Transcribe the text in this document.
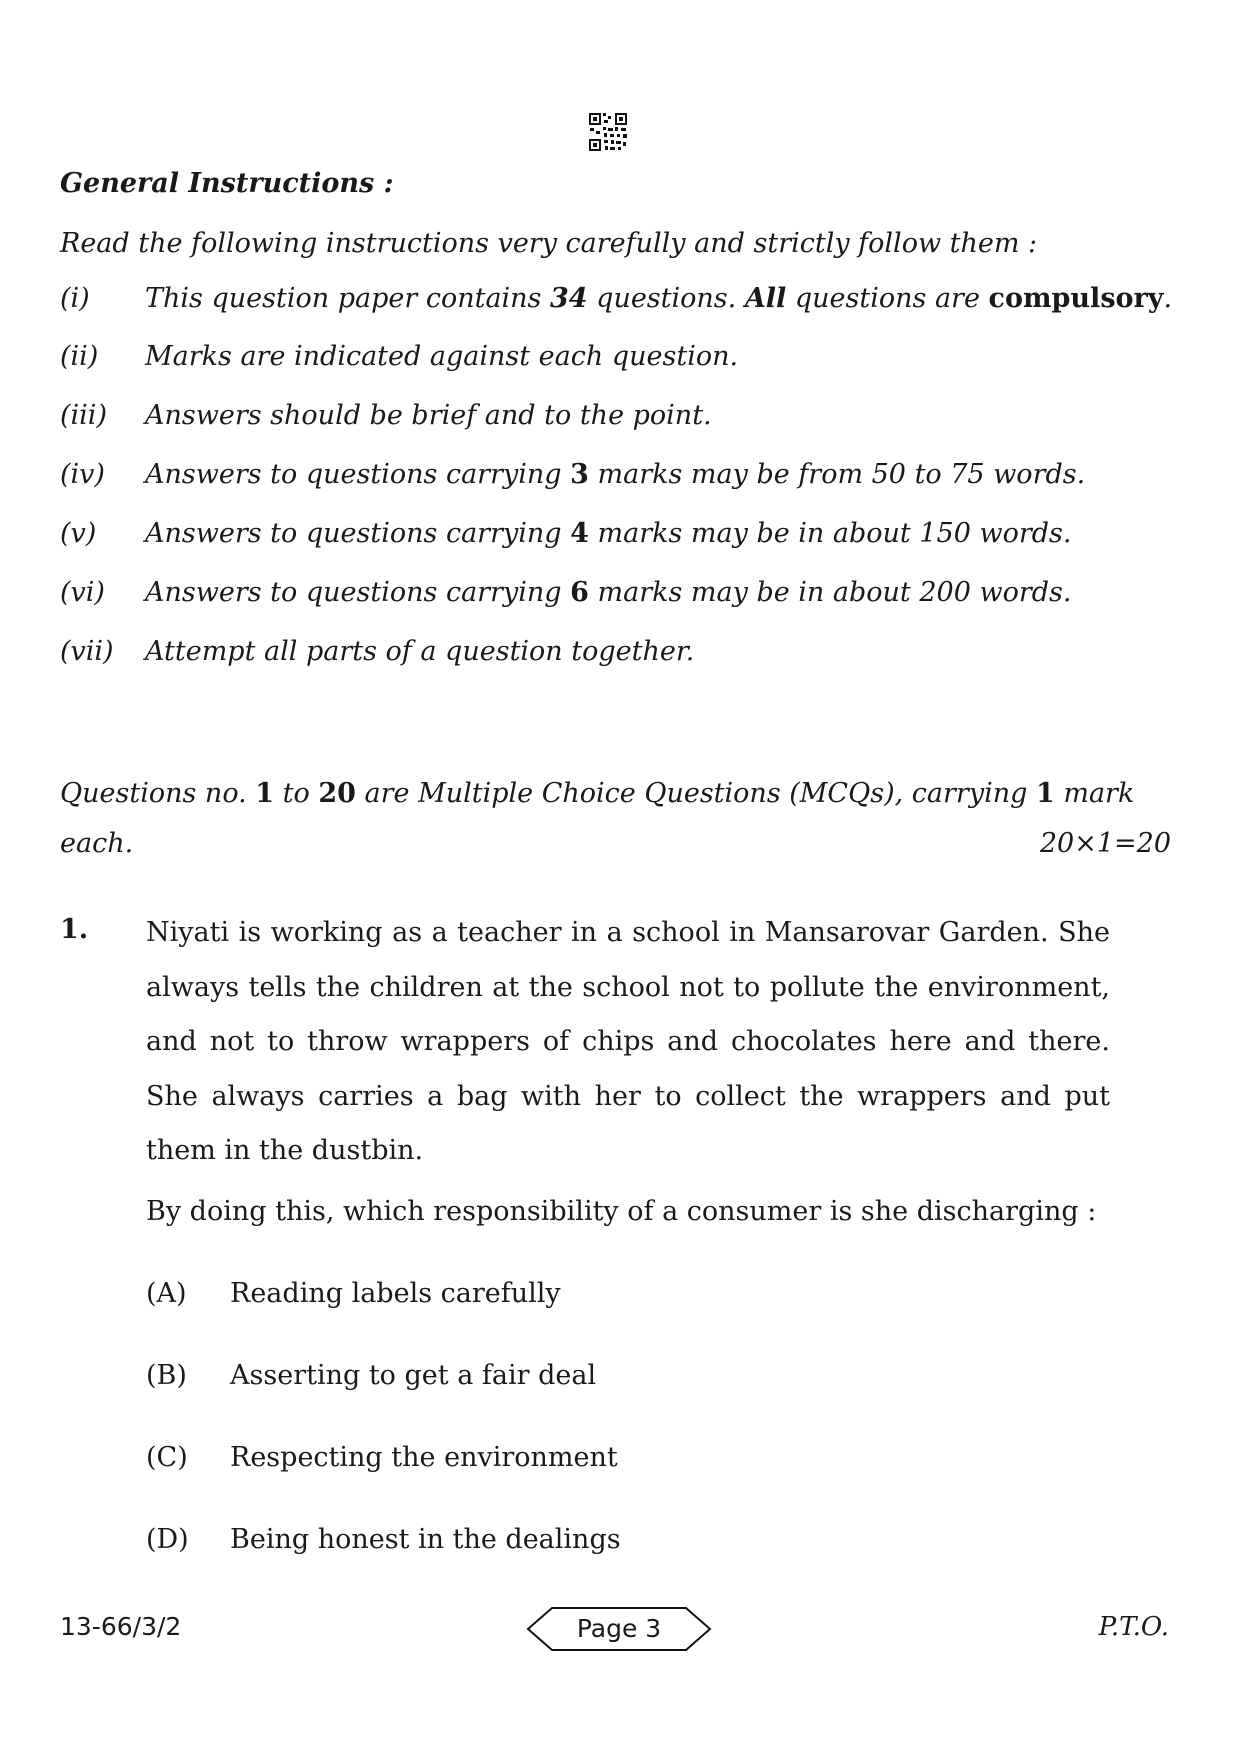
General Instructions :
Read the following instructions very carefully and strictly follow them :
(i) This question paper contains 34 questions. All questions are compulsory.
(ii) Marks are indicated against each question.
(iii) Answers should be brief and to the point.
(iv) Answers to questions carrying 3 marks may be from 50 to 75 words.
(v) Answers to questions carrying 4 marks may be in about 150 words.
(vi) Answers to questions carrying 6 marks may be in about 200 words.
(vii) Attempt all parts of a question together.
Questions no. 1 to 20 are Multiple Choice Questions (MCQs), carrying 1 mark
each.	20×1=20
1. Niyati is working as a teacher in a school in Mansarovar Garden. She always tells the children at the school not to pollute the environment, and not to throw wrappers of chips and chocolates here and there. She always carries a bag with her to collect the wrappers and put them in the dustbin.
By doing this, which responsibility of a consumer is she discharging :
(A) Reading labels carefully
(B) Asserting to get a fair deal
(C) Respecting the environment
(D) Being honest in the dealings
13-66/3/2	Page 3	P.T.O.
